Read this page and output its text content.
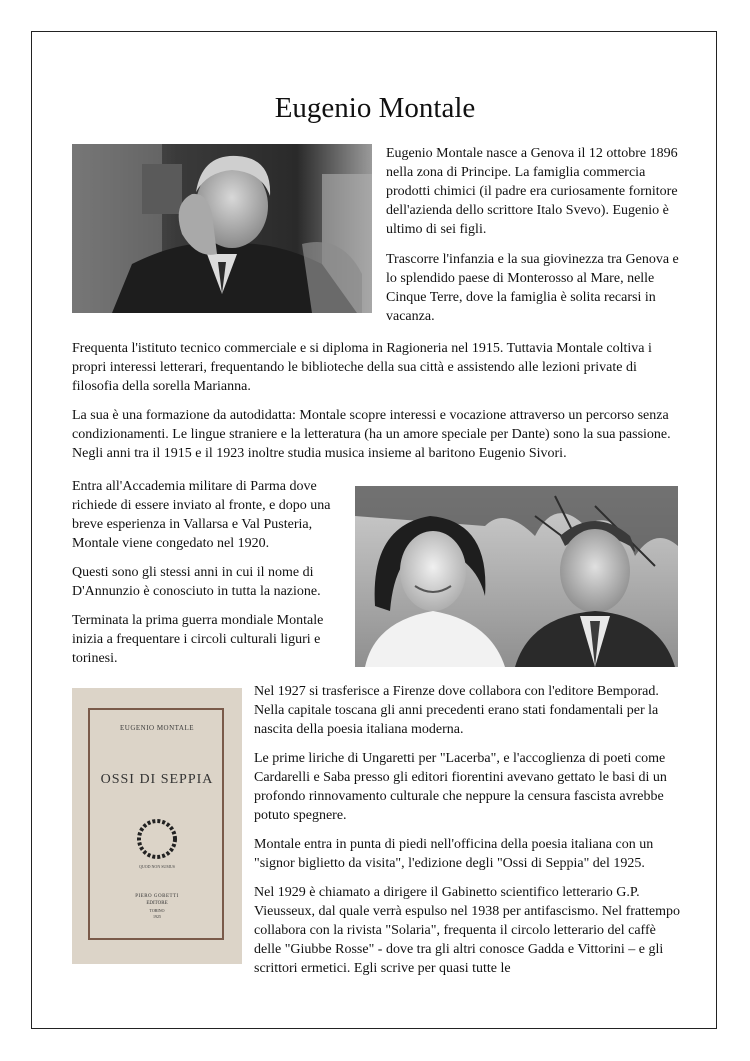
Eugenio Montale

Eugenio Montale nasce a Genova il 12 ottobre 1896 nella zona di Principe. La famiglia commercia prodotti chimici (il padre era curiosamente fornitore dell'azienda dello scrittore Italo Svevo). Eugenio è ultimo di sei figli.

Trascorre l'infanzia e la sua giovinezza tra Genova e lo splendido paese di Monterosso al Mare, nelle Cinque Terre, dove la famiglia è solita recarsi in vacanza.

Frequenta l'istituto tecnico commerciale e si diploma in Ragioneria nel 1915. Tuttavia Montale coltiva i propri interessi letterari, frequentando le biblioteche della sua città e assistendo alle lezioni private di filosofia della sorella Marianna.

La sua è una formazione da autodidatta: Montale scopre interessi e vocazione attraverso un percorso senza condizionamenti. Le lingue straniere e la letteratura (ha un amore speciale per Dante) sono la sua passione. Negli anni tra il 1915 e il 1923 inoltre studia musica insieme al baritono Eugenio Sivori.

Entra all'Accademia militare di Parma dove richiede di essere inviato al fronte, e dopo una breve esperienza in Vallarsa e Val Pusteria, Montale viene congedato nel 1920.

Questi sono gli stessi anni in cui il nome di D'Annunzio è conosciuto in tutta la nazione.

Terminata la prima guerra mondiale Montale inizia a frequentare i circoli culturali liguri e torinesi.

EUGENIO MONTALE
OSSI DI SEPPIA
QUOD NON SUMUS
PIERO GOBETTI
EDITORE
TORINO
1925

Nel 1927 si trasferisce a Firenze dove collabora con l'editore Bemporad. Nella capitale toscana gli anni precedenti erano stati fondamentali per la nascita della poesia italiana moderna.

Le prime liriche di Ungaretti per "Lacerba", e l'accoglienza di poeti come Cardarelli e Saba presso gli editori fiorentini avevano gettato le basi di un profondo rinnovamento culturale che neppure la censura fascista avrebbe potuto spegnere.

Montale entra in punta di piedi nell'officina della poesia italiana con un "signor biglietto da visita", l'edizione degli "Ossi di Seppia" del 1925.

Nel 1929 è chiamato a dirigere il Gabinetto scientifico letterario G.P. Vieusseux, dal quale verrà espulso nel 1938 per antifascismo. Nel frattempo collabora con la rivista "Solaria", frequenta il circolo letterario del caffè delle "Giubbe Rosse" - dove tra gli altri conosce Gadda e Vittorini – e gli scrittori ermetici. Egli scrive per quasi tutte le
